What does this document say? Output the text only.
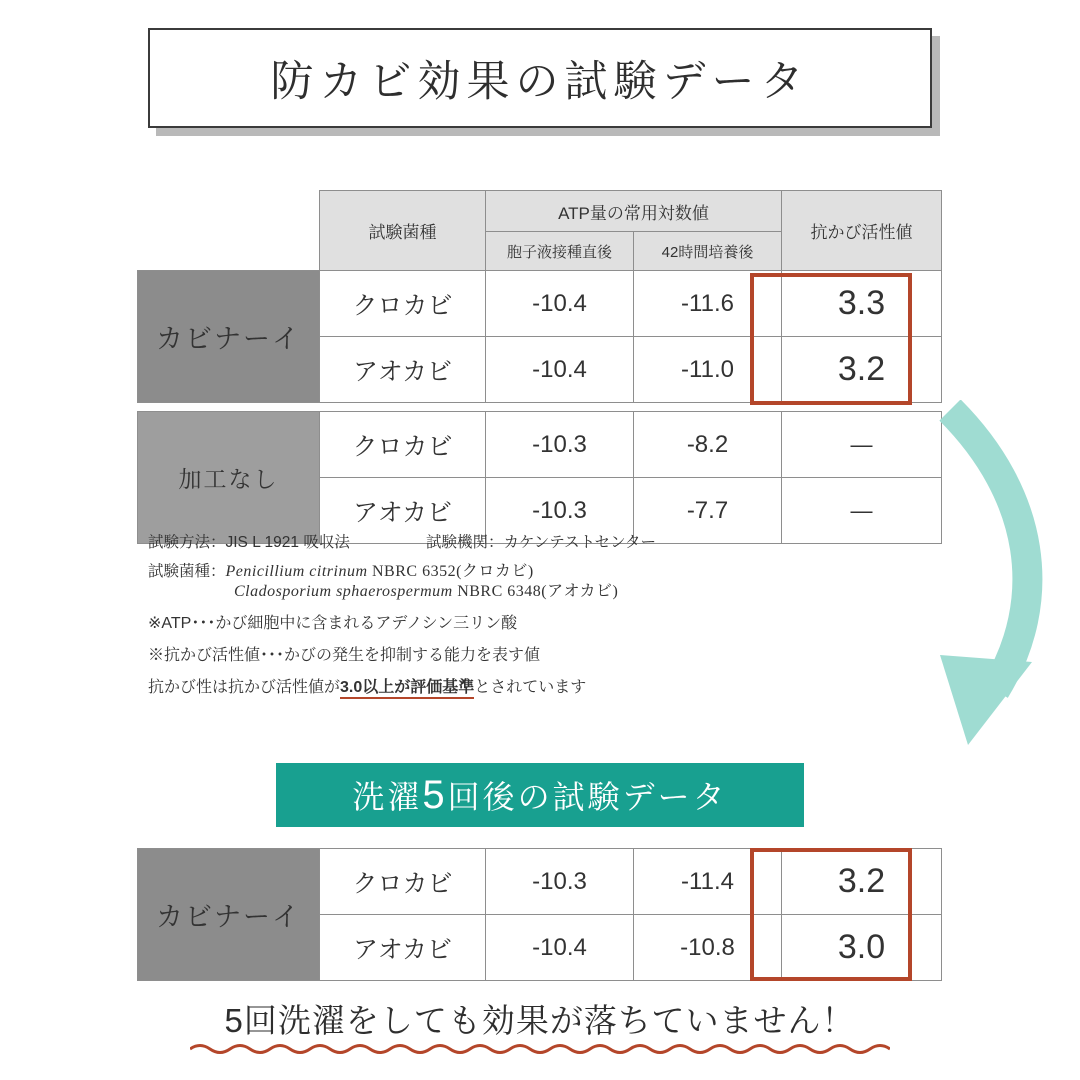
防カビ効果の試験データ
	試験菌種	ATP量の常用対数値		抗かび活性値
		胞子液接種直後	42時間培養後	
カビナーイ	クロカビ	-10.4	-11.6	3.3
	アオカビ	-10.4	-11.0	3.2

加工なし	クロカビ	-10.3	-8.2	—
	アオカビ	-10.3	-7.7	—
試験方法：JIS L 1921 吸収法	試験機関：カケンテストセンター
試験菌種： Penicillium citrinum NBRC 6352(クロカビ)
Cladosporium sphaerospermum NBRC 6348(アオカビ)
※ATP･･･かび細胞中に含まれるアデノシン三リン酸
※抗かび活性値･･･かびの発生を抑制する能力を表す値
抗かび性は抗かび活性値が3.0以上が評価基準とされています
洗濯5回後の試験データ
カビナーイ	クロカビ	-10.3	-11.4	3.2
	アオカビ	-10.4	-10.8	3.0
5回洗濯をしても効果が落ちていません！
